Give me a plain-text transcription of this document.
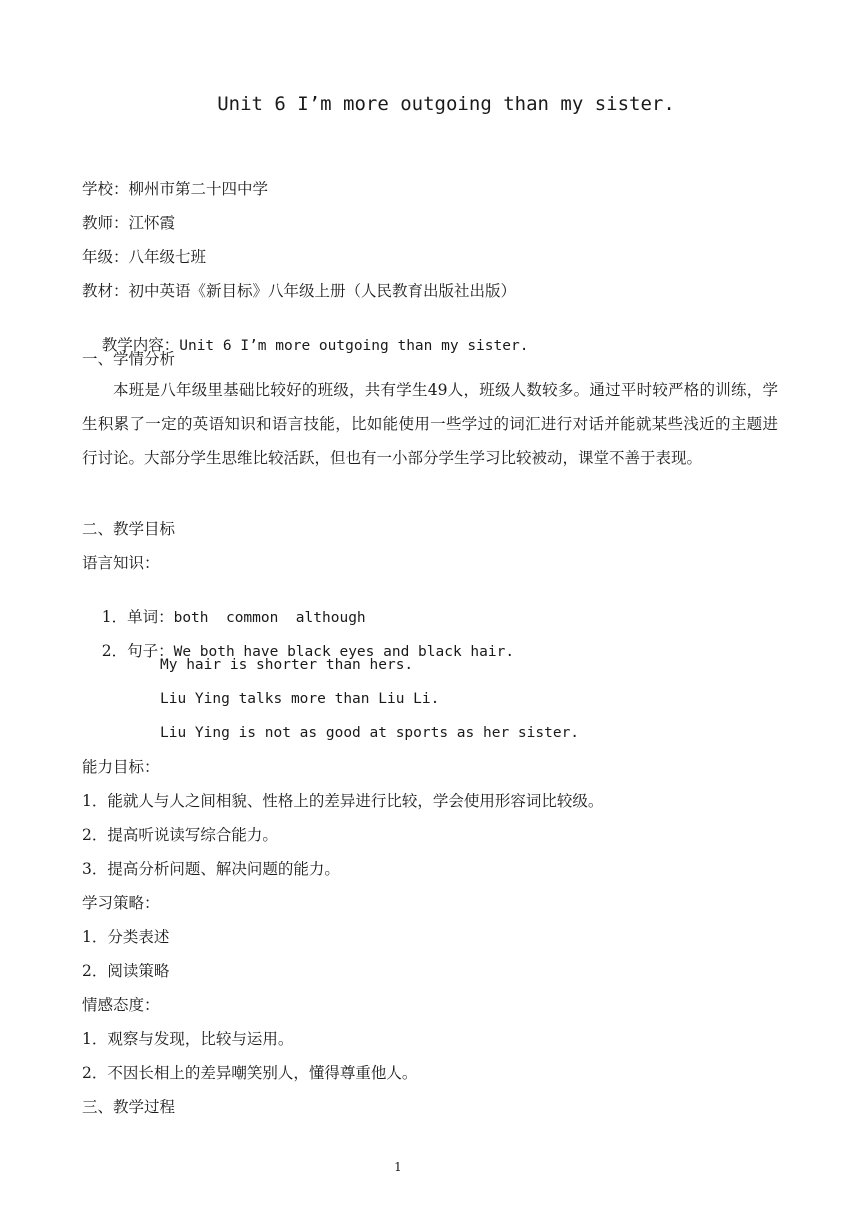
Unit 6 I’m more outgoing than my sister.
学校：柳州市第二十四中学
教师：江怀霞
年级：八年级七班
教材：初中英语《新目标》八年级上册（人民教育出版社出版）

教学内容：Unit 6 I’m more outgoing than my sister.

一、学情分析
本班是八年级里基础比较好的班级，共有学生49人，班级人数较多。通过平时较严格的训练，学生积累了一定的英语知识和语言技能，比如能使用一些学过的词汇进行对话并能就某些浅近的主题进行讨论。大部分学生思维比较活跃，但也有一小部分学生学习比较被动，课堂不善于表现。
二、教学目标
语言知识：

1．单词：both  common  although

2．句子：We both have black eyes and black hair.

My hair is shorter than hers.
Liu Ying talks more than Liu Li.
Liu Ying is not as good at sports as her sister.
能力目标：
1．能就人与人之间相貌、性格上的差异进行比较，学会使用形容词比较级。
2．提高听说读写综合能力。
3．提高分析问题、解决问题的能力。
学习策略：
1．分类表述
2．阅读策略
情感态度：
1．观察与发现，比较与运用。
2．不因长相上的差异嘲笑别人，懂得尊重他人。
三、教学过程
1
